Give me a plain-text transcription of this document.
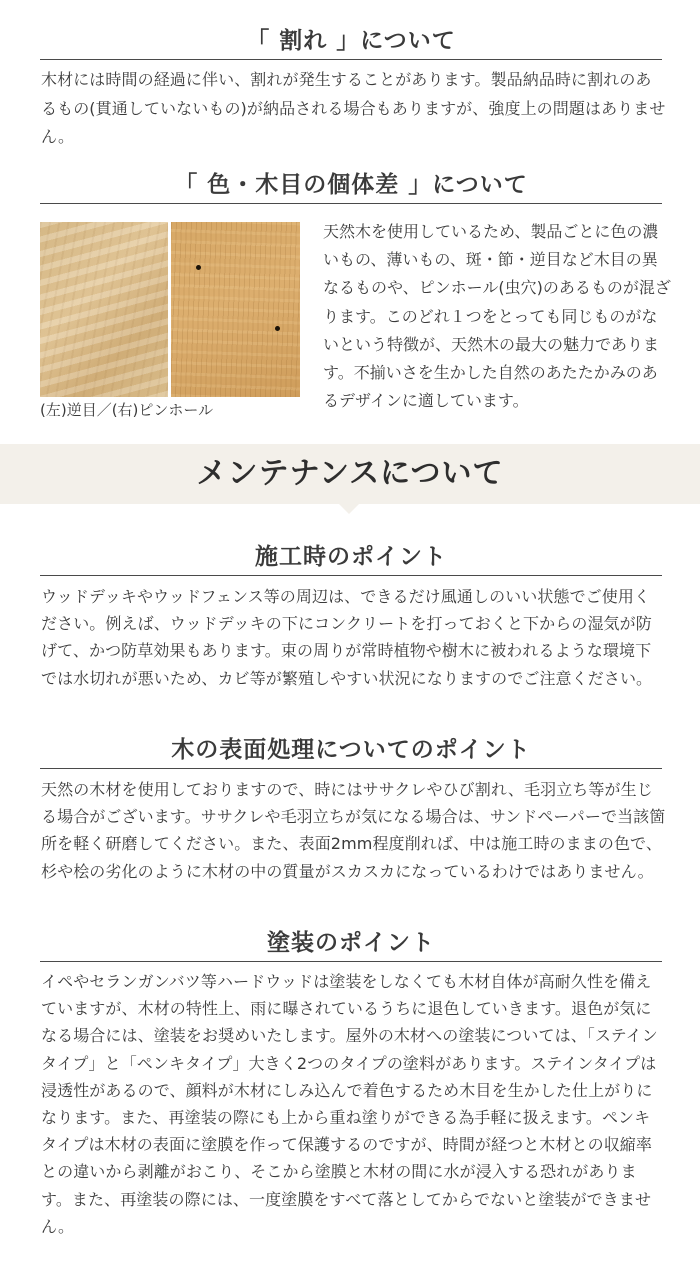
「 割れ 」について

木材には時間の経過に伴い、割れが発生することがあります。製品納品時に割れのあるもの(貫通していないもの)が納品される場合もありますが、強度上の問題はありません。

「 色・木目の個体差 」について

(左)逆目／(右)ピンホール

天然木を使用しているため、製品ごとに色の濃いもの、薄いもの、斑・節・逆目など木目の異なるものや、ピンホール(虫穴)のあるものが混ざります。このどれ１つをとっても同じものがないという特徴が、天然木の最大の魅力であります。不揃いさを生かした自然のあたたかみのあるデザインに適しています。

メンテナンスについて
施工時のポイント

ウッドデッキやウッドフェンス等の周辺は、できるだけ風通しのいい状態でご使用ください。例えば、ウッドデッキの下にコンクリートを打っておくと下からの湿気が防げて、かつ防草効果もあります。束の周りが常時植物や樹木に被われるような環境下では水切れが悪いため、カビ等が繁殖しやすい状況になりますのでご注意ください。

木の表面処理についてのポイント

天然の木材を使用しておりますので、時にはササクレやひび割れ、毛羽立ち等が生じる場合がございます。ササクレや毛羽立ちが気になる場合は、サンドペーパーで当該箇所を軽く研磨してください。また、表面2mm程度削れば、中は施工時のままの色で、杉や桧の劣化のように木材の中の質量がスカスカになっているわけではありません。

塗装のポイント

イペやセランガンバツ等ハードウッドは塗装をしなくても木材自体が高耐久性を備えていますが、木材の特性上、雨に曝されているうちに退色していきます。退色が気になる場合には、塗装をお奨めいたします。屋外の木材への塗装については、「ステインタイプ」と「ペンキタイプ」大きく2つのタイプの塗料があります。ステインタイプは浸透性があるので、顔料が木材にしみ込んで着色するため木目を生かした仕上がりになります。また、再塗装の際にも上から重ね塗りができる為手軽に扱えます。ペンキタイプは木材の表面に塗膜を作って保護するのですが、時間が経つと木材との収縮率との違いから剥離がおこり、そこから塗膜と木材の間に水が浸入する恐れがあります。また、再塗装の際には、一度塗膜をすべて落としてからでないと塗装ができません。
